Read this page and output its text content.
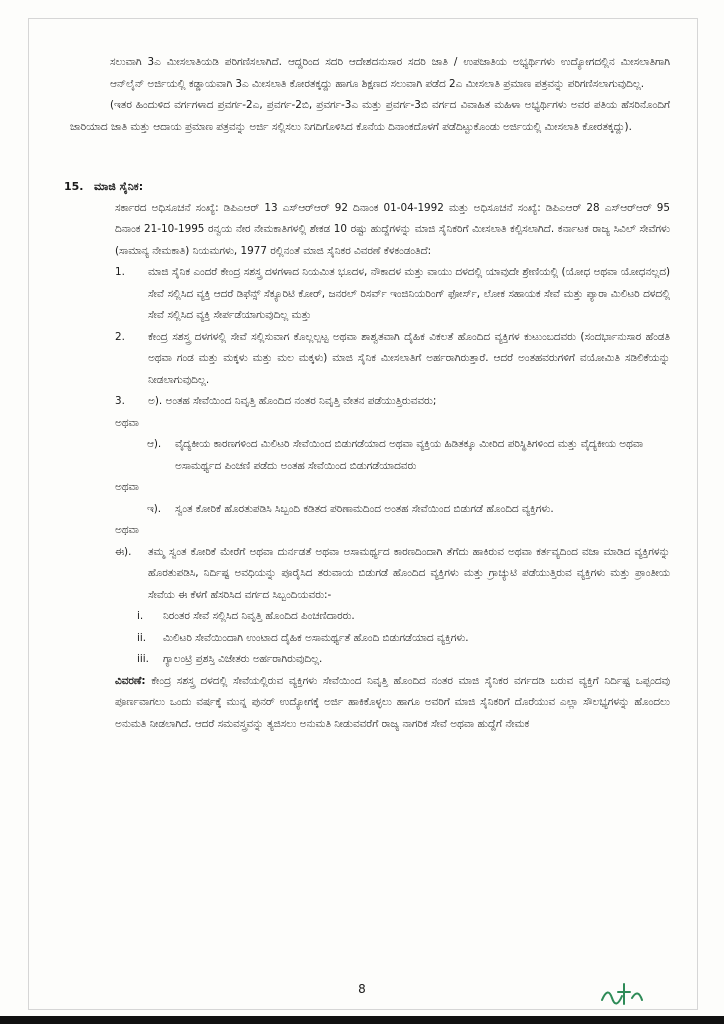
ಸಲುವಾಗಿ 3ಎ ಮೀಸಲಾತಿಯಡಿ ಪರಿಗಣಿಸಲಾಗಿದೆ. ಆದ್ದರಿಂದ ಸದರಿ ಆದೇಶದನುಸಾರ ಸದರಿ ಜಾತಿ / ಉಪಜಾತಿಯ ಅಭ್ಯರ್ಥಿಗಳು ಉದ್ಯೋಗದಲ್ಲಿನ ಮೀಸಲಾತಿಗಾಗಿ ಆನ್‌ಲೈನ್ ಅರ್ಜಿಯಲ್ಲಿ ಕಡ್ಡಾಯವಾಗಿ 3ಎ ಮೀಸಲಾತಿ ಕೋರತಕ್ಕದ್ದು ಹಾಗೂ ಶಿಕ್ಷಣದ ಸಲುವಾಗಿ ಪಡೆದ 2ಎ ಮೀಸಲಾತಿ ಪ್ರಮಾಣ ಪತ್ರವನ್ನು ಪರಿಗಣಿಸಲಾಗುವುದಿಲ್ಲ.

(ಇತರ ಹಿಂದುಳಿದ ವರ್ಗಗಳಾದ ಪ್ರವರ್ಗ-2ಎ, ಪ್ರವರ್ಗ-2ಬಿ, ಪ್ರವರ್ಗ-3ಎ ಮತ್ತು ಪ್ರವರ್ಗ-3ಬಿ ವರ್ಗದ ವಿವಾಹಿತ ಮಹಿಳಾ ಅಭ್ಯರ್ಥಿಗಳು ಅವರ ಪತಿಯ ಹೆಸರಿನೊಂದಿಗೆ ಜಾರಿಯಾದ ಜಾತಿ ಮತ್ತು ಆದಾಯ ಪ್ರಮಾಣ ಪತ್ರವನ್ನು ಅರ್ಜಿ ಸಲ್ಲಿಸಲು ನಿಗದಿಗೊಳಿಸಿದ ಕೊನೆಯ ದಿನಾಂಕದೊಳಗೆ ಪಡೆದಿಟ್ಟುಕೊಂಡು ಅರ್ಜಿಯಲ್ಲಿ ಮೀಸಲಾತಿ ಕೋರತಕ್ಕದ್ದು).

15. ಮಾಜಿ ಸೈನಿಕ:

ಸರ್ಕಾರದ ಅಧಿಸೂಚನೆ ಸಂಖ್ಯೆ: ಡಿಪಿಎಆರ್ 13 ಎಸ್‌ಆರ್‌ಆರ್ 92 ದಿನಾಂಕ 01-04-1992 ಮತ್ತು ಅಧಿಸೂಚನೆ ಸಂಖ್ಯೆ: ಡಿಪಿಎಆರ್ 28 ಎಸ್‌ಆರ್‌ಆರ್ 95 ದಿನಾಂಕ 21-10-1995 ರನ್ವಯ ನೇರ ನೇಮಕಾತಿಗಳಲ್ಲಿ ಶೇಕಡ 10 ರಷ್ಟು ಹುದ್ದೆಗಳನ್ನು ಮಾಜಿ ಸೈನಿಕರಿಗೆ ಮೀಸಲಾತಿ ಕಲ್ಪಿಸಲಾಗಿದೆ. ಕರ್ನಾಟಕ ರಾಜ್ಯ ಸಿವಿಲ್ ಸೇವೆಗಳು (ಸಾಮಾನ್ಯ ನೇಮಕಾತಿ) ನಿಯಮಗಳು, 1977 ರಲ್ಲಿನಂತೆ ಮಾಜಿ ಸೈನಿಕರ ವಿವರಣೆ ಕೆಳಕಂಡಂತಿದೆ:

1. ಮಾಜಿ ಸೈನಿಕ ಎಂದರೆ ಕೇಂದ್ರ ಸಶಸ್ತ್ರ ದಳಗಳಾದ ನಿಯಮಿತ ಭೂದಳ, ನೌಕಾದಳ ಮತ್ತು ವಾಯು ದಳದಲ್ಲಿ ಯಾವುದೇ ಶ್ರೇಣಿಯಲ್ಲಿ (ಯೋಧ ಅಥವಾ ಯೋಧನಲ್ಲದ) ಸೇವೆ ಸಲ್ಲಿಸಿದ ವ್ಯಕ್ತಿ ಆದರೆ ಡಿಫೆನ್ಸ್ ಸೆಕ್ಯೂರಿಟಿ ಕೋರ್, ಜನರಲ್ ರಿಸರ್ವ್ ಇಂಜಿನಿಯರಿಂಗ್ ಫೋರ್ಸ್, ಲೋಕ ಸಹಾಯಕ ಸೇವೆ ಮತ್ತು ಪ್ಯಾರಾ ಮಿಲಿಟರಿ ದಳದಲ್ಲಿ ಸೇವೆ ಸಲ್ಲಿಸಿದ ವ್ಯಕ್ತಿ ಸೇರ್ಪಡೆಯಾಗುವುದಿಲ್ಲ ಮತ್ತು
2. ಕೇಂದ್ರ ಸಶಸ್ತ್ರ ದಳಗಳಲ್ಲಿ ಸೇವೆ ಸಲ್ಲಿಸುವಾಗ ಕೊಲ್ಲಲ್ಪಟ್ಟ ಅಥವಾ ಶಾಶ್ವತವಾಗಿ ದೈಹಿಕ ವಿಕಲತೆ ಹೊಂದಿದ ವ್ಯಕ್ತಿಗಳ ಕುಟುಂಬದವರು (ಸಂದರ್ಭಾನುಸಾರ ಹೆಂಡತಿ ಅಥವಾ ಗಂಡ ಮತ್ತು ಮಕ್ಕಳು ಮತ್ತು ಮಲ ಮಕ್ಕಳು) ಮಾಜಿ ಸೈನಿಕ ಮೀಸಲಾತಿಗೆ ಅರ್ಹರಾಗಿರುತ್ತಾರೆ. ಆದರೆ ಅಂತಹವರುಗಳಿಗೆ ವಯೋಮಿತಿ ಸಡಿಲಿಕೆಯನ್ನು ನೀಡಲಾಗುವುದಿಲ್ಲ.
3. ಅ). ಅಂತಹ ಸೇವೆಯಿಂದ ನಿವೃತ್ತಿ ಹೊಂದಿದ ನಂತರ ನಿವೃತ್ತಿ ವೇತನ ಪಡೆಯುತ್ತಿರುವವರು;

ಅಥವಾ

ಆ). ವೈದ್ಯಕೀಯ ಕಾರಣಗಳಿಂದ ಮಿಲಿಟರಿ ಸೇವೆಯಿಂದ ಬಿಡುಗಡೆಯಾದ ಅಥವಾ ವ್ಯಕ್ತಿಯ ಹಿಡಿತಕ್ಕೂ ಮೀರಿದ ಪರಿಸ್ಥಿತಿಗಳಿಂದ ಮತ್ತು ವೈದ್ಯಕೀಯ ಅಥವಾ ಅಸಾಮರ್ಥ್ಯದ ಪಿಂಚಣಿ ಪಡೆದು ಅಂತಹ ಸೇವೆಯಿಂದ ಬಿಡುಗಡೆಯಾದವರು

ಅಥವಾ

ಇ). ಸ್ವಂತ ಕೋರಿಕೆ ಹೊರತುಪಡಿಸಿ ಸಿಬ್ಬಂದಿ ಕಡಿತದ ಪರಿಣಾಮದಿಂದ ಅಂತಹ ಸೇವೆಯಿಂದ ಬಿಡುಗಡೆ ಹೊಂದಿದ ವ್ಯಕ್ತಿಗಳು.

ಅಥವಾ

ಈ). ತಮ್ಮ ಸ್ವಂತ ಕೋರಿಕೆ ಮೇರೆಗೆ ಅಥವಾ ದುರ್ನಡತೆ ಅಥವಾ ಅಸಾಮರ್ಥ್ಯದ ಕಾರಣದಿಂದಾಗಿ ತೆಗೆದು ಹಾಕಿರುವ ಅಥವಾ ಕರ್ತವ್ಯದಿಂದ ವಜಾ ಮಾಡಿದ ವ್ಯಕ್ತಿಗಳನ್ನು ಹೊರತುಪಡಿಸಿ, ನಿರ್ದಿಷ್ಟ ಅವಧಿಯನ್ನು ಪೂರೈಸಿದ ತರುವಾಯ ಬಿಡುಗಡೆ ಹೊಂದಿದ ವ್ಯಕ್ತಿಗಳು ಮತ್ತು ಗ್ರಾಚ್ಯುಟಿ ಪಡೆಯುತ್ತಿರುವ ವ್ಯಕ್ತಿಗಳು ಮತ್ತು ಪ್ರಾಂತೀಯ ಸೇವೆಯ ಈ ಕೆಳಗೆ ಹೆಸರಿಸಿದ ವರ್ಗದ ಸಿಬ್ಬಂದಿಯವರು:-
i. ನಿರಂತರ ಸೇವೆ ಸಲ್ಲಿಸಿದ ನಿವೃತ್ತಿ ಹೊಂದಿದ ಪಿಂಚಣಿದಾರರು.
ii. ಮಿಲಿಟರಿ ಸೇವೆಯಿಂದಾಗಿ ಉಂಟಾದ ದೈಹಿಕ ಅಸಾಮರ್ಥ್ಯತೆ ಹೊಂದಿ ಬಿಡುಗಡೆಯಾದ ವ್ಯಕ್ತಿಗಳು.
iii. ಗ್ಯಾಲಂಟ್ರಿ ಪ್ರಶಸ್ತಿ ವಿಜೇತರು ಅರ್ಹರಾಗಿರುವುದಿಲ್ಲ.

ವಿವರಣೆ: ಕೇಂದ್ರ ಸಶಸ್ತ್ರ ದಳದಲ್ಲಿ ಸೇವೆಯಲ್ಲಿರುವ ವ್ಯಕ್ತಿಗಳು ಸೇವೆಯಿಂದ ನಿವೃತ್ತಿ ಹೊಂದಿದ ನಂತರ ಮಾಜಿ ಸೈನಿಕರ ವರ್ಗದಡಿ ಬರುವ ವ್ಯಕ್ತಿಗೆ ನಿರ್ದಿಷ್ಟ ಒಪ್ಪಂದವು ಪೂರ್ಣವಾಗಲು ಒಂದು ವರ್ಷಕ್ಕೆ ಮುನ್ನ ಪುನರ್ ಉದ್ಯೋಗಕ್ಕೆ ಅರ್ಜಿ ಹಾಕಿಕೊಳ್ಳಲು ಹಾಗೂ ಅವರಿಗೆ ಮಾಜಿ ಸೈನಿಕರಿಗೆ ದೊರೆಯುವ ಎಲ್ಲಾ ಸೌಲಭ್ಯಗಳನ್ನು ಹೊಂದಲು ಅನುಮತಿ ನೀಡಲಾಗಿದೆ. ಆದರೆ ಸಮವಸ್ತ್ರವನ್ನು ತ್ಯಜಿಸಲು ಅನುಮತಿ ನೀಡುವವರೆಗೆ ರಾಜ್ಯ ನಾಗರಿಕ ಸೇವೆ ಅಥವಾ ಹುದ್ದೆಗೆ ನೇಮಕ

8
